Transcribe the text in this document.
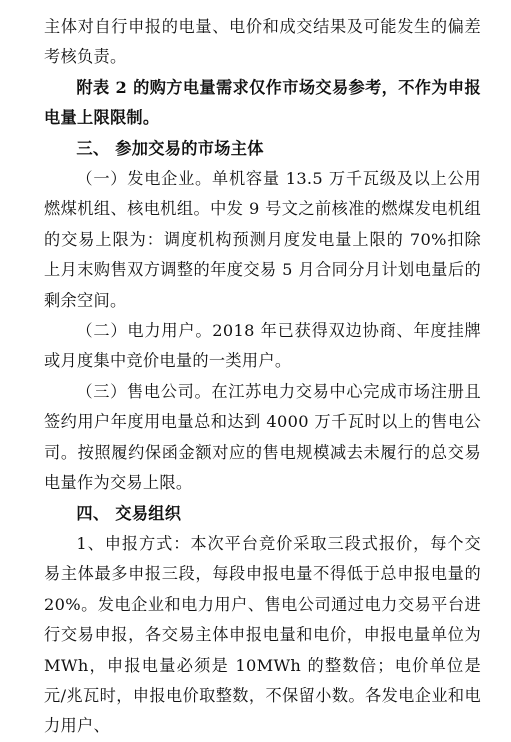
主体对自行申报的电量、电价和成交结果及可能发生的偏差考核负责。

附表 2 的购方电量需求仅作市场交易参考，不作为申报电量上限限制。

三、 参加交易的市场主体

（一）发电企业。单机容量 13.5 万千瓦级及以上公用燃煤机组、核电机组。中发 9 号文之前核准的燃煤发电机组的交易上限为：调度机构预测月度发电量上限的 70%扣除上月末购售双方调整的年度交易 5 月合同分月计划电量后的剩余空间。

（二）电力用户。2018 年已获得双边协商、年度挂牌或月度集中竞价电量的一类用户。

（三）售电公司。在江苏电力交易中心完成市场注册且签约用户年度用电量总和达到 4000 万千瓦时以上的售电公司。按照履约保函金额对应的售电规模减去未履行的总交易电量作为交易上限。

四、 交易组织

1、申报方式：本次平台竞价采取三段式报价，每个交易主体最多申报三段，每段申报电量不得低于总申报电量的 20%。发电企业和电力用户、售电公司通过电力交易平台进行交易申报，各交易主体申报电量和电价，申报电量单位为 MWh，申报电量必须是 10MWh 的整数倍；电价单位是元/兆瓦时，申报电价取整数，不保留小数。各发电企业和电力用户、
